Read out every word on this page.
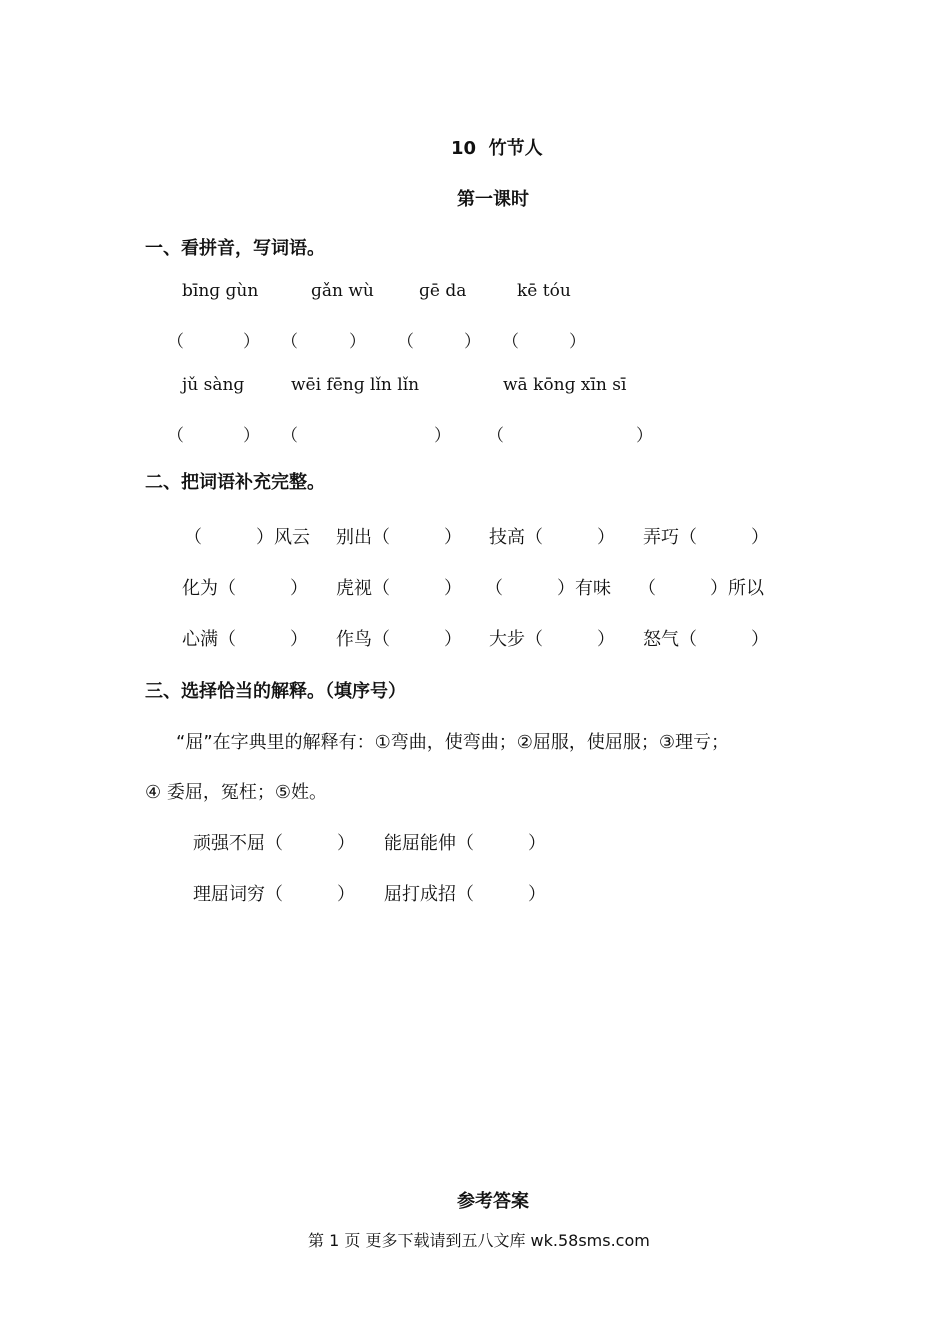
10  竹节人
第一课时
一、看拼音，写词语。
bīnɡ ɡùn	ɡǎn wù	ɡē da	kē tóu
（	） （	） （	） （	）
jǔ sànɡ	wēi fēnɡ lǐn lǐn	wā kōnɡ xīn sī
（	） （	） （	）
二、把词语补充完整。
（　　　）风云 别出（　　　） 技高（　　　） 弄巧（　　　）
化为（　　　） 虎视（　　　） （　　　）有味 （　　　）所以
心满（　　　） 作鸟（　　　） 大步（　　　） 怒气（　　　）
三、选择恰当的解释。（填序号）
“屈”在字典里的解释有：①弯曲，使弯曲；②屈服，使屈服；③理亏；
④ 委屈，冤枉；⑤姓。
顽强不屈（　　　） 能屈能伸（　　　）
理屈词穷（　　　） 屈打成招（　　　）
参考答案
第 1 页 更多下载请到五八文库 wk.58sms.com
